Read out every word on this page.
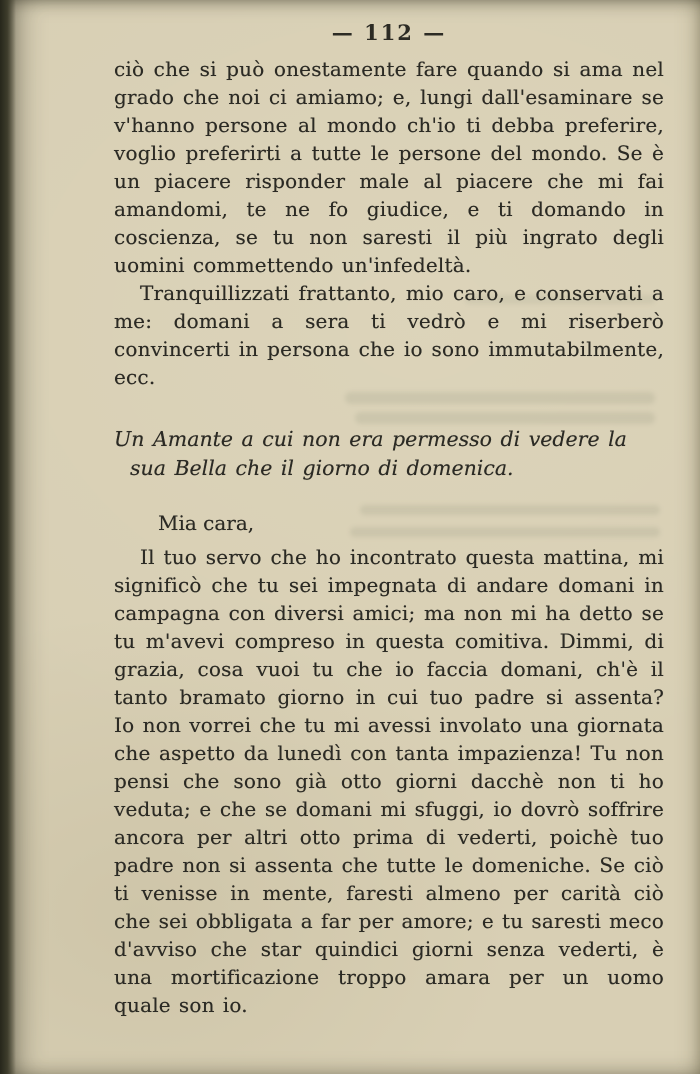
— 112 —

ciò che si può onestamente fare quando si ama nel grado che noi ci amiamo; e, lungi dall'esaminare se v'hanno persone al mondo ch'io ti debba preferire, voglio preferirti a tutte le persone del mondo. Se è un piacere risponder male al piacere che mi fai amandomi, te ne fo giudice, e ti domando in coscienza, se tu non saresti il più ingrato degli uomini commettendo un'infedeltà.

Tranquillizzati frattanto, mio caro, e conservati a me: domani a sera ti vedrò e mi riserberò convincerti in persona che io sono immutabilmente, ecc.

Un Amante a cui non era permesso di vedere la sua Bella che il giorno di domenica.

Mia cara,

Il tuo servo che ho incontrato questa mattina, mi significò che tu sei impegnata di andare domani in campagna con diversi amici; ma non mi ha detto se tu m'avevi compreso in questa comitiva. Dimmi, di grazia, cosa vuoi tu che io faccia domani, ch'è il tanto bramato giorno in cui tuo padre si assenta? Io non vorrei che tu mi avessi involato una giornata che aspetto da lunedì con tanta impazienza! Tu non pensi che sono già otto giorni dacchè non ti ho veduta; e che se domani mi sfuggi, io dovrò soffrire ancora per altri otto prima di vederti, poichè tuo padre non si assenta che tutte le domeniche. Se ciò ti venisse in mente, faresti almeno per carità ciò che sei obbligata a far per amore; e tu saresti meco d'avviso che star quindici giorni senza vederti, è una mortificazione troppo amara per un uomo quale son io.
